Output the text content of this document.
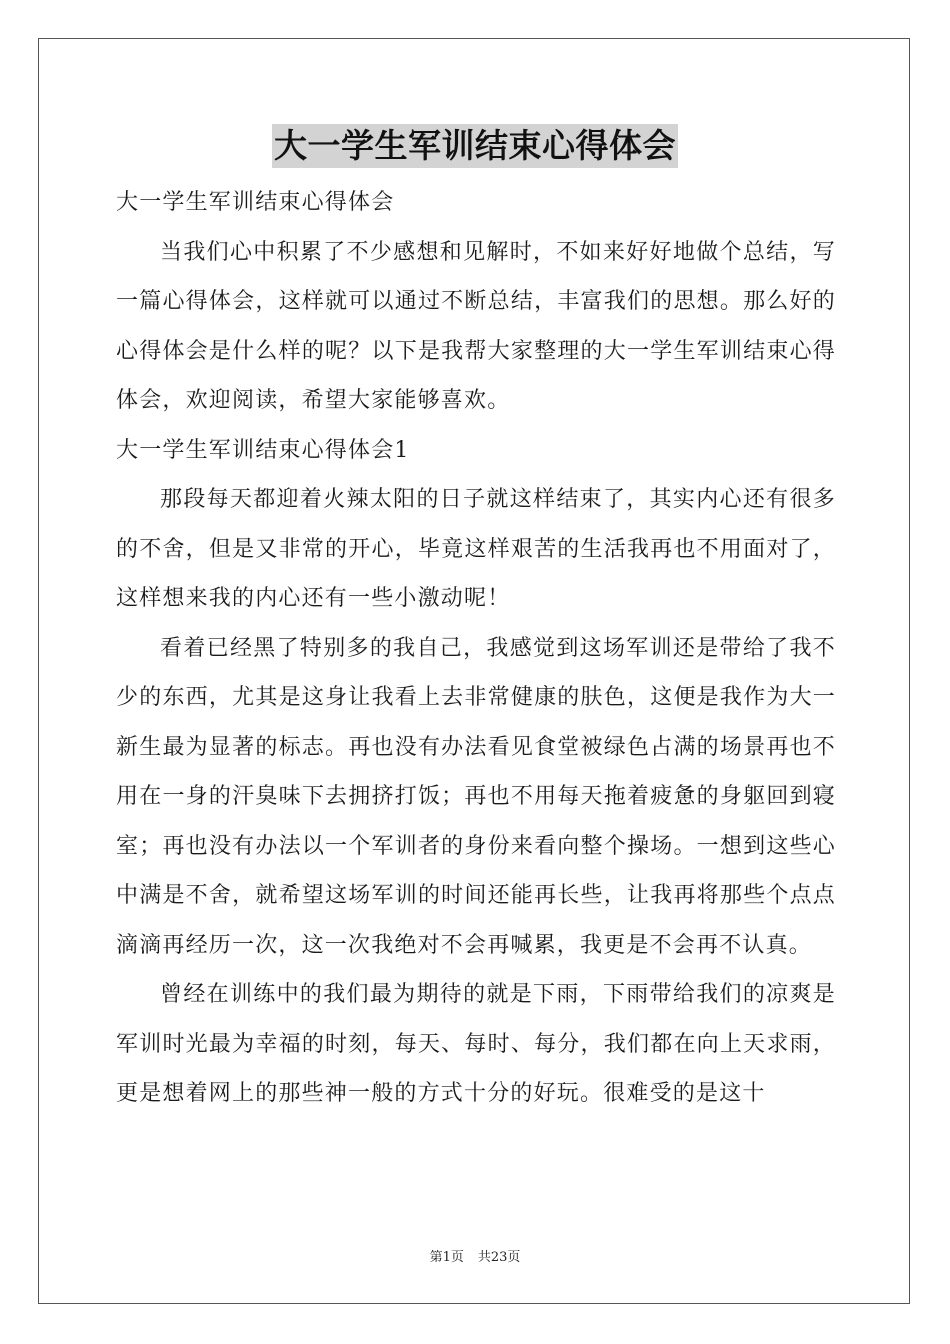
大一学生军训结束心得体会

大一学生军训结束心得体会

当我们心中积累了不少感想和见解时，不如来好好地做个总结，写一篇心得体会，这样就可以通过不断总结，丰富我们的思想。那么好的心得体会是什么样的呢？以下是我帮大家整理的大一学生军训结束心得体会，欢迎阅读，希望大家能够喜欢。

大一学生军训结束心得体会1

那段每天都迎着火辣太阳的日子就这样结束了，其实内心还有很多的不舍，但是又非常的开心，毕竟这样艰苦的生活我再也不用面对了，这样想来我的内心还有一些小激动呢！

看着已经黑了特别多的我自己，我感觉到这场军训还是带给了我不少的东西，尤其是这身让我看上去非常健康的肤色，这便是我作为大一新生最为显著的标志。再也没有办法看见食堂被绿色占满的场景再也不用在一身的汗臭味下去拥挤打饭；再也不用每天拖着疲惫的身躯回到寝室；再也没有办法以一个军训者的身份来看向整个操场。一想到这些心中满是不舍，就希望这场军训的时间还能再长些，让我再将那些个点点滴滴再经历一次，这一次我绝对不会再喊累，我更是不会再不认真。

曾经在训练中的我们最为期待的就是下雨，下雨带给我们的凉爽是军训时光最为幸福的时刻，每天、每时、每分，我们都在向上天求雨，更是想着网上的那些神一般的方式十分的好玩。很难受的是这十

第1页 共23页
